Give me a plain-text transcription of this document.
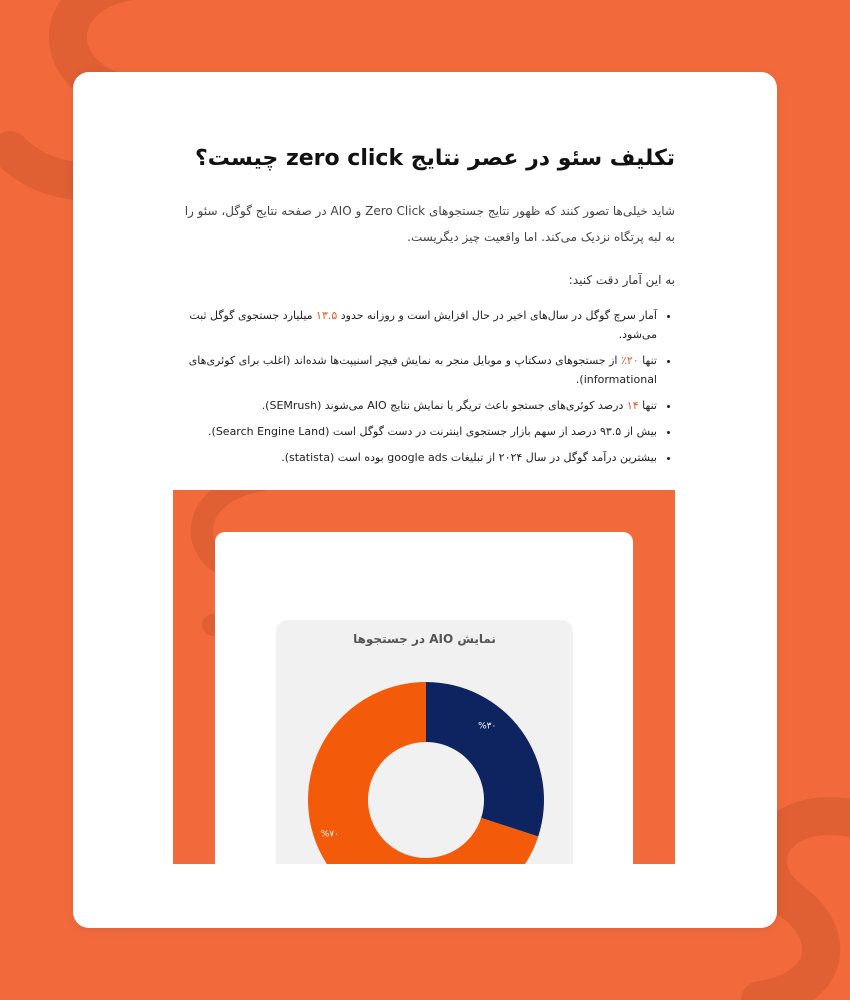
تکلیف سئو در عصر نتایج zero click چیست؟

شاید خیلی‌ها تصور کنند که ظهور نتایج جستجوهای Zero Click و AIO در صفحه نتایج گوگل، سئو را به لبه پرتگاه نزدیک می‌کند. اما واقعیت چیز دیگریست.

به این آمار دقت کنید:

• آمار سرچ گوگل در سال‌های اخیر در حال افزایش است و روزانه حدود ۱۳.۵ میلیارد جستجوی گوگل ثبت می‌شود.
• تنها ۲۰٪ از جستجوهای دسکتاپ و موبایل منجر به نمایش فیچر اسنیپت‌ها شده‌اند (اغلب برای کوئری‌های informational).
• تنها ۱۴ درصد کوئری‌های جستجو باعث تریگر یا نمایش نتایج AIO می‌شوند (SEMrush).
• بیش از ۹۳.۵ درصد از سهم بازار جستجوی اینترنت در دست گوگل است (Search Engine Land).
• بیشترین درآمد گوگل در سال ۲۰۲۴ از تبلیغات google ads بوده است (statista).
نمایش AIO در جستجوها
%۳۰
%۷۰
